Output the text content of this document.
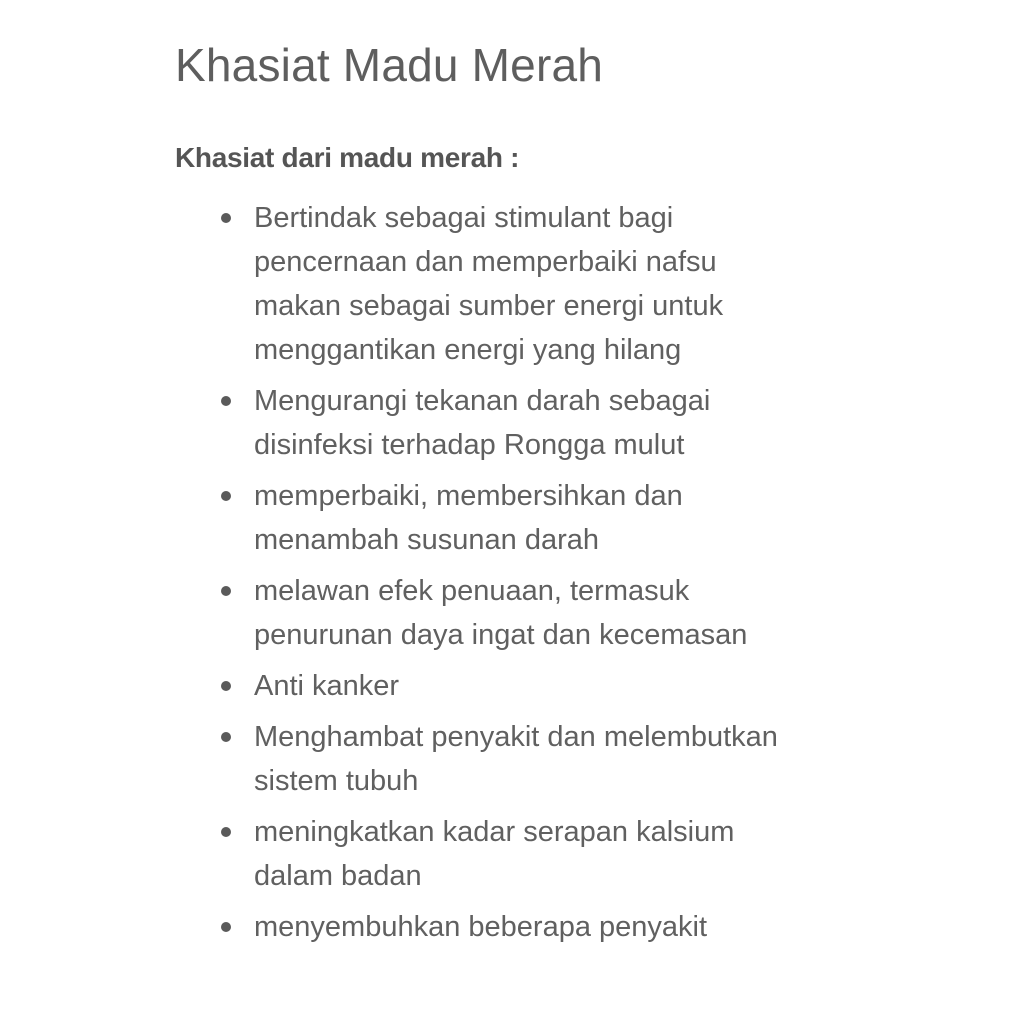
Khasiat Madu Merah
Khasiat dari madu merah :
Bertindak sebagai stimulant bagi pencernaan dan memperbaiki nafsu makan sebagai sumber energi untuk menggantikan energi yang hilang
Mengurangi tekanan darah sebagai disinfeksi terhadap Rongga mulut
memperbaiki, membersihkan dan menambah susunan darah
melawan efek penuaan, termasuk penurunan daya ingat dan kecemasan
Anti kanker
Menghambat penyakit dan melembutkan sistem tubuh
meningkatkan kadar serapan kalsium dalam badan
menyembuhkan beberapa penyakit
